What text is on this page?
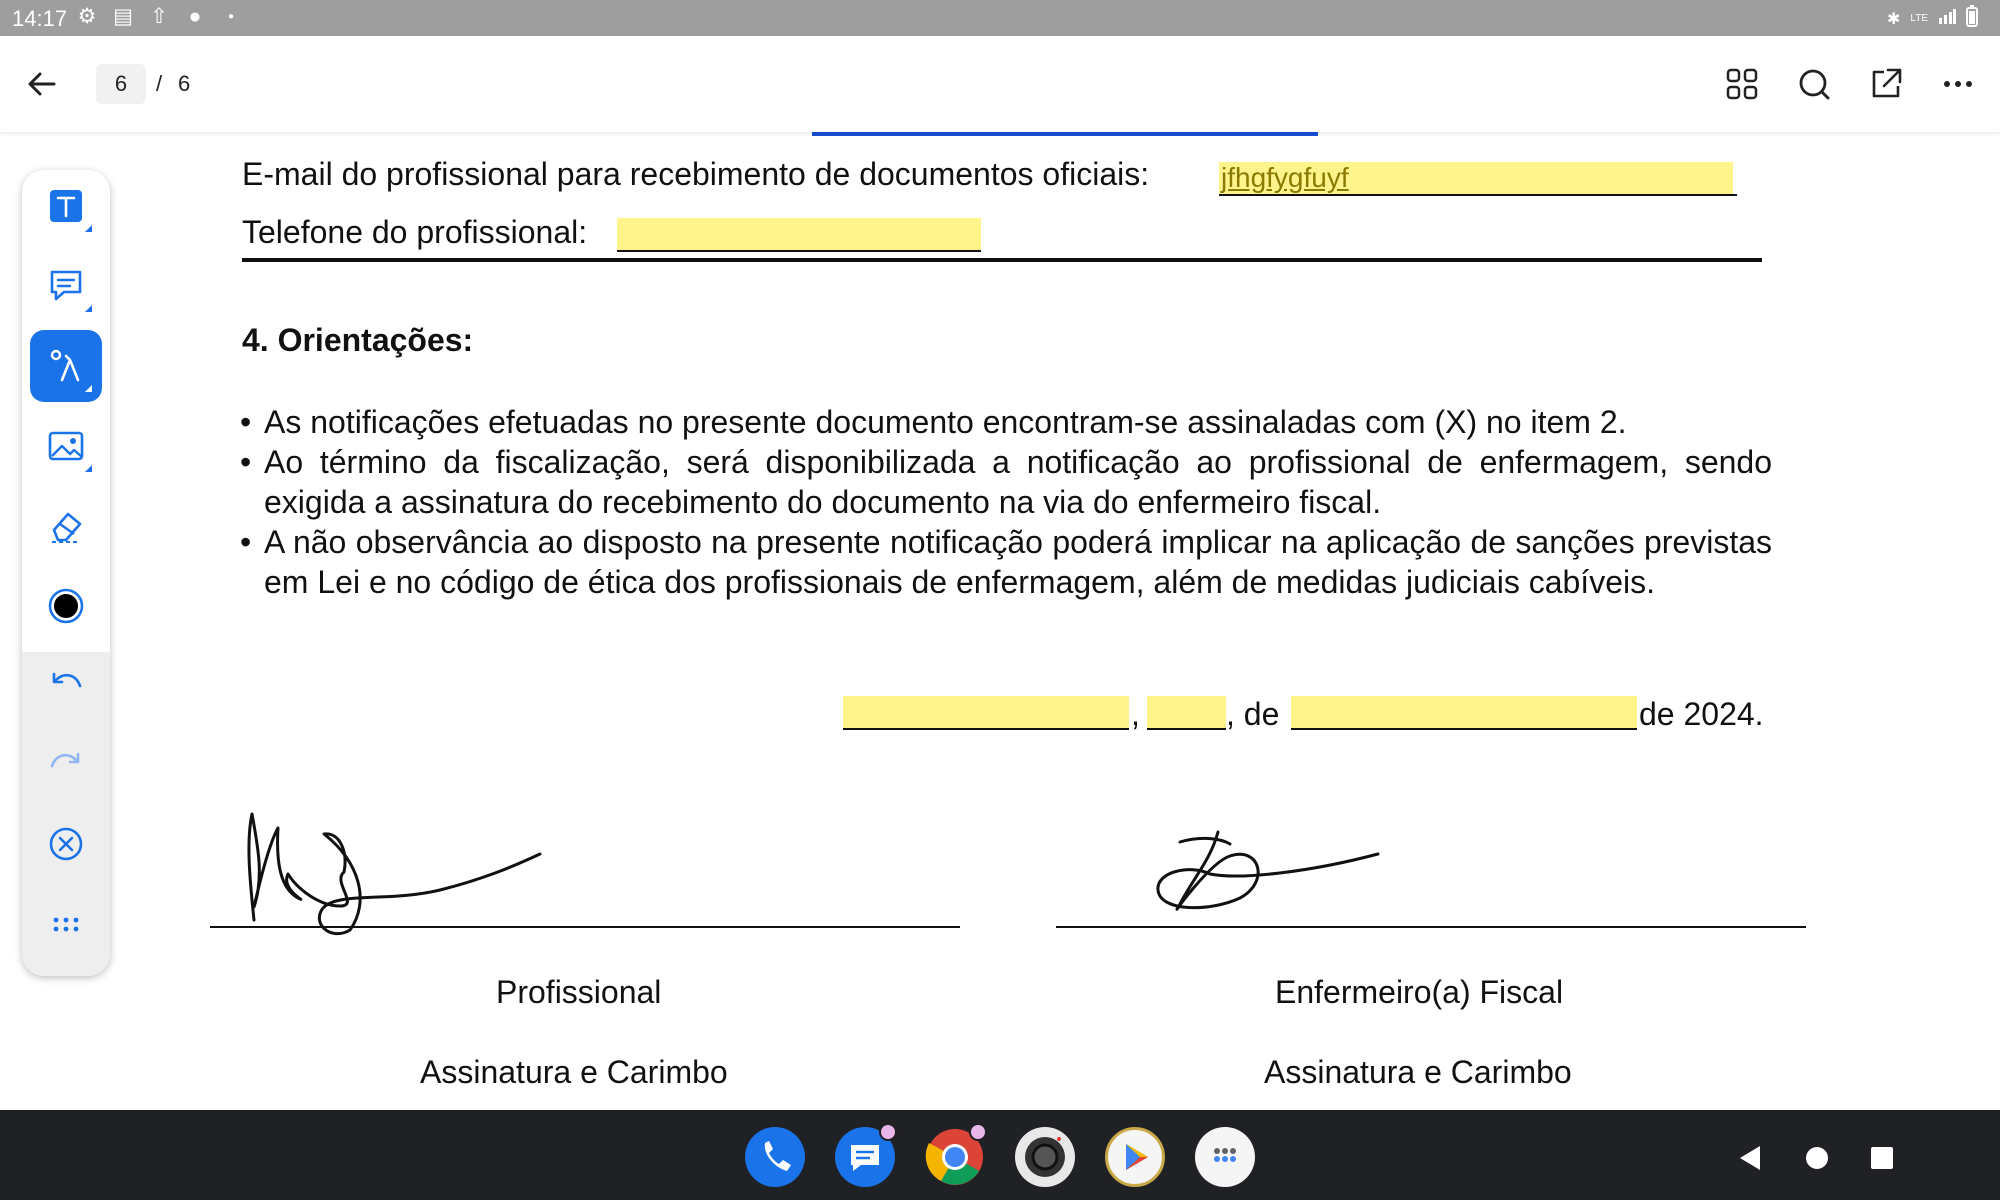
14:17 ⚙ ▤ ⇧ ●	●	✱ LTE
6	/ 6
E-mail do profissional para recebimento de documentos oficiais:	jfhgfygfuyf
Telefone do profissional:
4. Orientações:
• As notificações efetuadas no presente documento encontram-se assinaladas com (X) no item 2.
• Ao término da fiscalização, será disponibilizada a notificação ao profissional de enfermagem, sendo exigida a assinatura do recebimento do documento na via do enfermeiro fiscal.
• A não observância ao disposto na presente notificação poderá implicar na aplicação de sanções previstas em Lei e no código de ética dos profissionais de enfermagem, além de medidas judiciais cabíveis.
,	, de	de 2024.
Profissional	Enfermeiro(a) Fiscal
Assinatura e Carimbo	Assinatura e Carimbo
